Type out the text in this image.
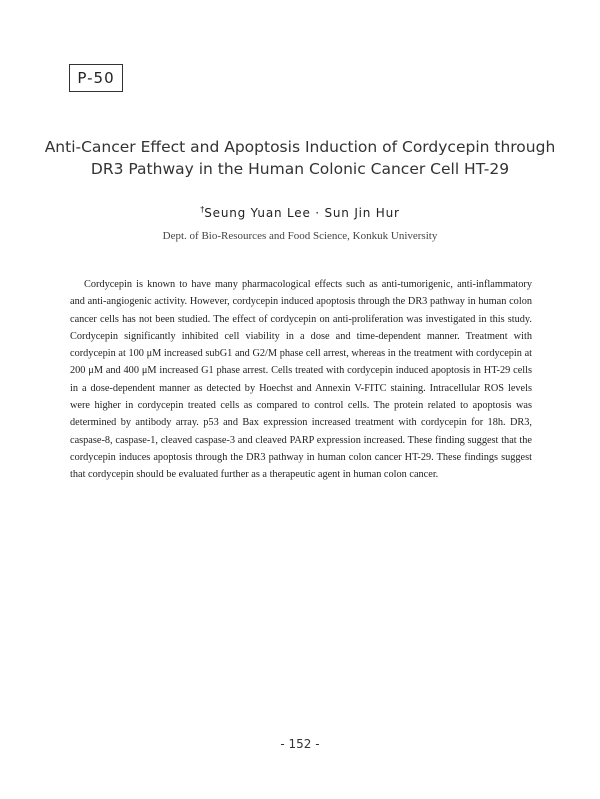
P-50
Anti-Cancer Effect and Apoptosis Induction of Cordycepin through
DR3 Pathway in the Human Colonic Cancer Cell HT-29
†Seung Yuan Lee · Sun Jin Hur
Dept. of Bio-Resources and Food Science, Konkuk University
Cordycepin is known to have many pharmacological effects such as anti-tumorigenic, anti-inflammatory and anti-angiogenic activity. However, cordycepin induced apoptosis through the DR3 pathway in human colon cancer cells has not been studied. The effect of cordycepin on anti-proliferation was investigated in this study. Cordycepin significantly inhibited cell viability in a dose and time-dependent manner. Treatment with cordycepin at 100 μM increased subG1 and G2/M phase cell arrest, whereas in the treatment with cordycepin at 200 μM and 400 μM increased G1 phase arrest. Cells treated with cordycepin induced apoptosis in HT-29 cells in a dose-dependent manner as detected by Hoechst and Annexin V-FITC staining. Intracellular ROS levels were higher in cordycepin treated cells as compared to control cells. The protein related to apoptosis was determined by antibody array. p53 and Bax expression increased treatment with cordycepin for 18h. DR3, caspase-8, caspase-1, cleaved caspase-3 and cleaved PARP expression increased. These finding suggest that the cordycepin induces apoptosis through the DR3 pathway in human colon cancer HT-29. These findings suggest that cordycepin should be evaluated further as a therapeutic agent in human colon cancer.
- 152 -
